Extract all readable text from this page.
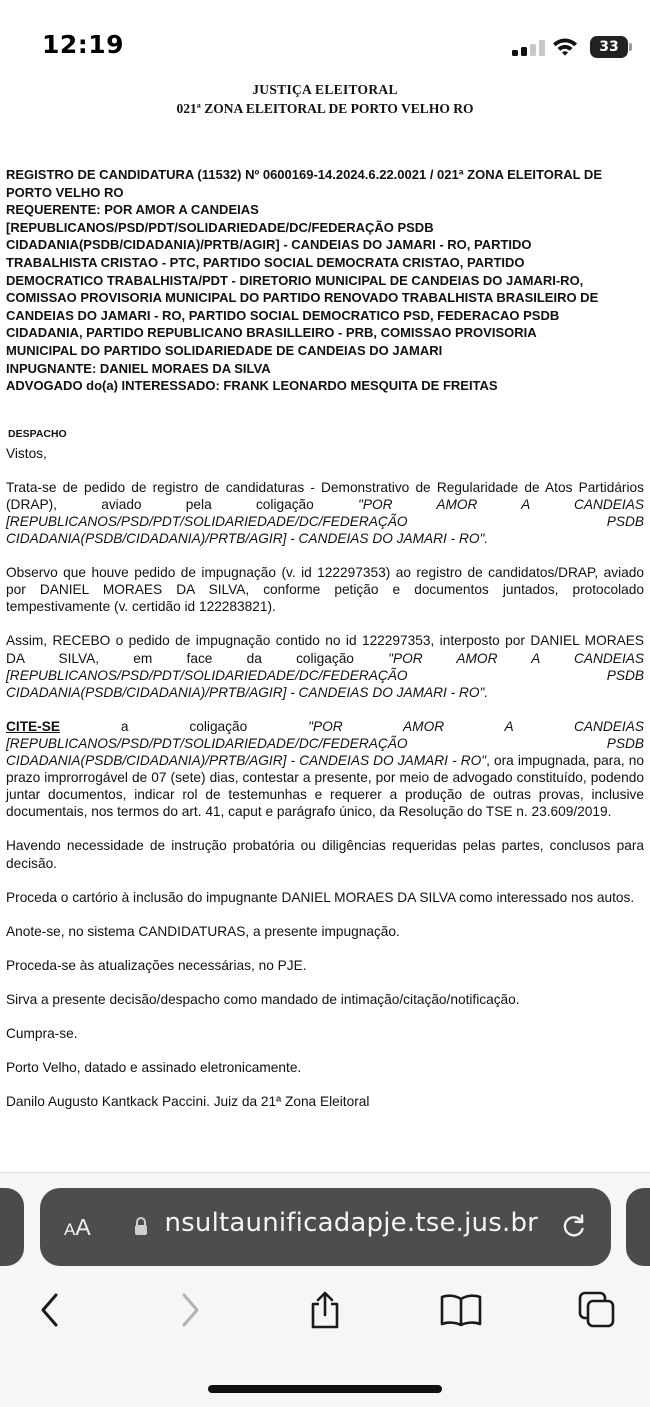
12:19	33
JUSTIÇA ELEITORAL
021ª ZONA ELEITORAL DE PORTO VELHO RO
REGISTRO DE CANDIDATURA (11532) Nº 0600169-14.2024.6.22.0021 / 021ª ZONA ELEITORAL DE
PORTO VELHO RO
REQUERENTE: POR AMOR A CANDEIAS
[REPUBLICANOS/PSD/PDT/SOLIDARIEDADE/DC/FEDERAÇÃO PSDB
CIDADANIA(PSDB/CIDADANIA)/PRTB/AGIR] - CANDEIAS DO JAMARI - RO, PARTIDO
TRABALHISTA CRISTAO - PTC, PARTIDO SOCIAL DEMOCRATA CRISTAO, PARTIDO
DEMOCRATICO TRABALHISTA/PDT - DIRETORIO MUNICIPAL DE CANDEIAS DO JAMARI-RO,
COMISSAO PROVISORIA MUNICIPAL DO PARTIDO RENOVADO TRABALHISTA BRASILEIRO DE
CANDEIAS DO JAMARI - RO, PARTIDO SOCIAL DEMOCRATICO PSD, FEDERACAO PSDB
CIDADANIA, PARTIDO REPUBLICANO BRASILLEIRO - PRB, COMISSAO PROVISORIA
MUNICIPAL DO PARTIDO SOLIDARIEDADE DE CANDEIAS DO JAMARI
INPUGNANTE: DANIEL MORAES DA SILVA
ADVOGADO do(a) INTERESSADO: FRANK LEONARDO MESQUITA DE FREITAS
DESPACHO

Vistos,

Trata-se de pedido de registro de candidaturas - Demonstrativo de Regularidade de Atos Partidários (DRAP), aviado pela coligação "POR AMOR A CANDEIAS [REPUBLICANOS/PSD/PDT/SOLIDARIEDADE/DC/FEDERAÇÃO PSDB CIDADANIA(PSDB/CIDADANIA)/PRTB/AGIR] - CANDEIAS DO JAMARI - RO".

Observo que houve pedido de impugnação (v. id 122297353) ao registro de candidatos/DRAP, aviado por DANIEL MORAES DA SILVA, conforme petição e documentos juntados, protocolado tempestivamente (v. certidão id 122283821).

Assim, RECEBO o pedido de impugnação contido no id 122297353, interposto por DANIEL MORAES DA SILVA, em face da coligação "POR AMOR A CANDEIAS [REPUBLICANOS/PSD/PDT/SOLIDARIEDADE/DC/FEDERAÇÃO PSDB CIDADANIA(PSDB/CIDADANIA)/PRTB/AGIR] - CANDEIAS DO JAMARI - RO".

CITE-SE a coligação "POR AMOR A CANDEIAS [REPUBLICANOS/PSD/PDT/SOLIDARIEDADE/DC/FEDERAÇÃO PSDB CIDADANIA(PSDB/CIDADANIA)/PRTB/AGIR] - CANDEIAS DO JAMARI - RO", ora impugnada, para, no prazo improrrogável de 07 (sete) dias, contestar a presente, por meio de advogado constituído, podendo juntar documentos, indicar rol de testemunhas e requerer a produção de outras provas, inclusive documentais, nos termos do art. 41, caput e parágrafo único, da Resolução do TSE n. 23.609/2019.

Havendo necessidade de instrução probatória ou diligências requeridas pelas partes, conclusos para decisão.

Proceda o cartório à inclusão do impugnante DANIEL MORAES DA SILVA como interessado nos autos.

Anote-se, no sistema CANDIDATURAS, a presente impugnação.

Proceda-se às atualizações necessárias, no PJE.

Sirva a presente decisão/despacho como mandado de intimação/citação/notificação.

Cumpra-se.

Porto Velho, datado e assinado eletronicamente.

Danilo Augusto Kantkack Paccini. Juiz da 21ª Zona Eleitoral

AA	nsultaunificadapje.tse.jus.br
